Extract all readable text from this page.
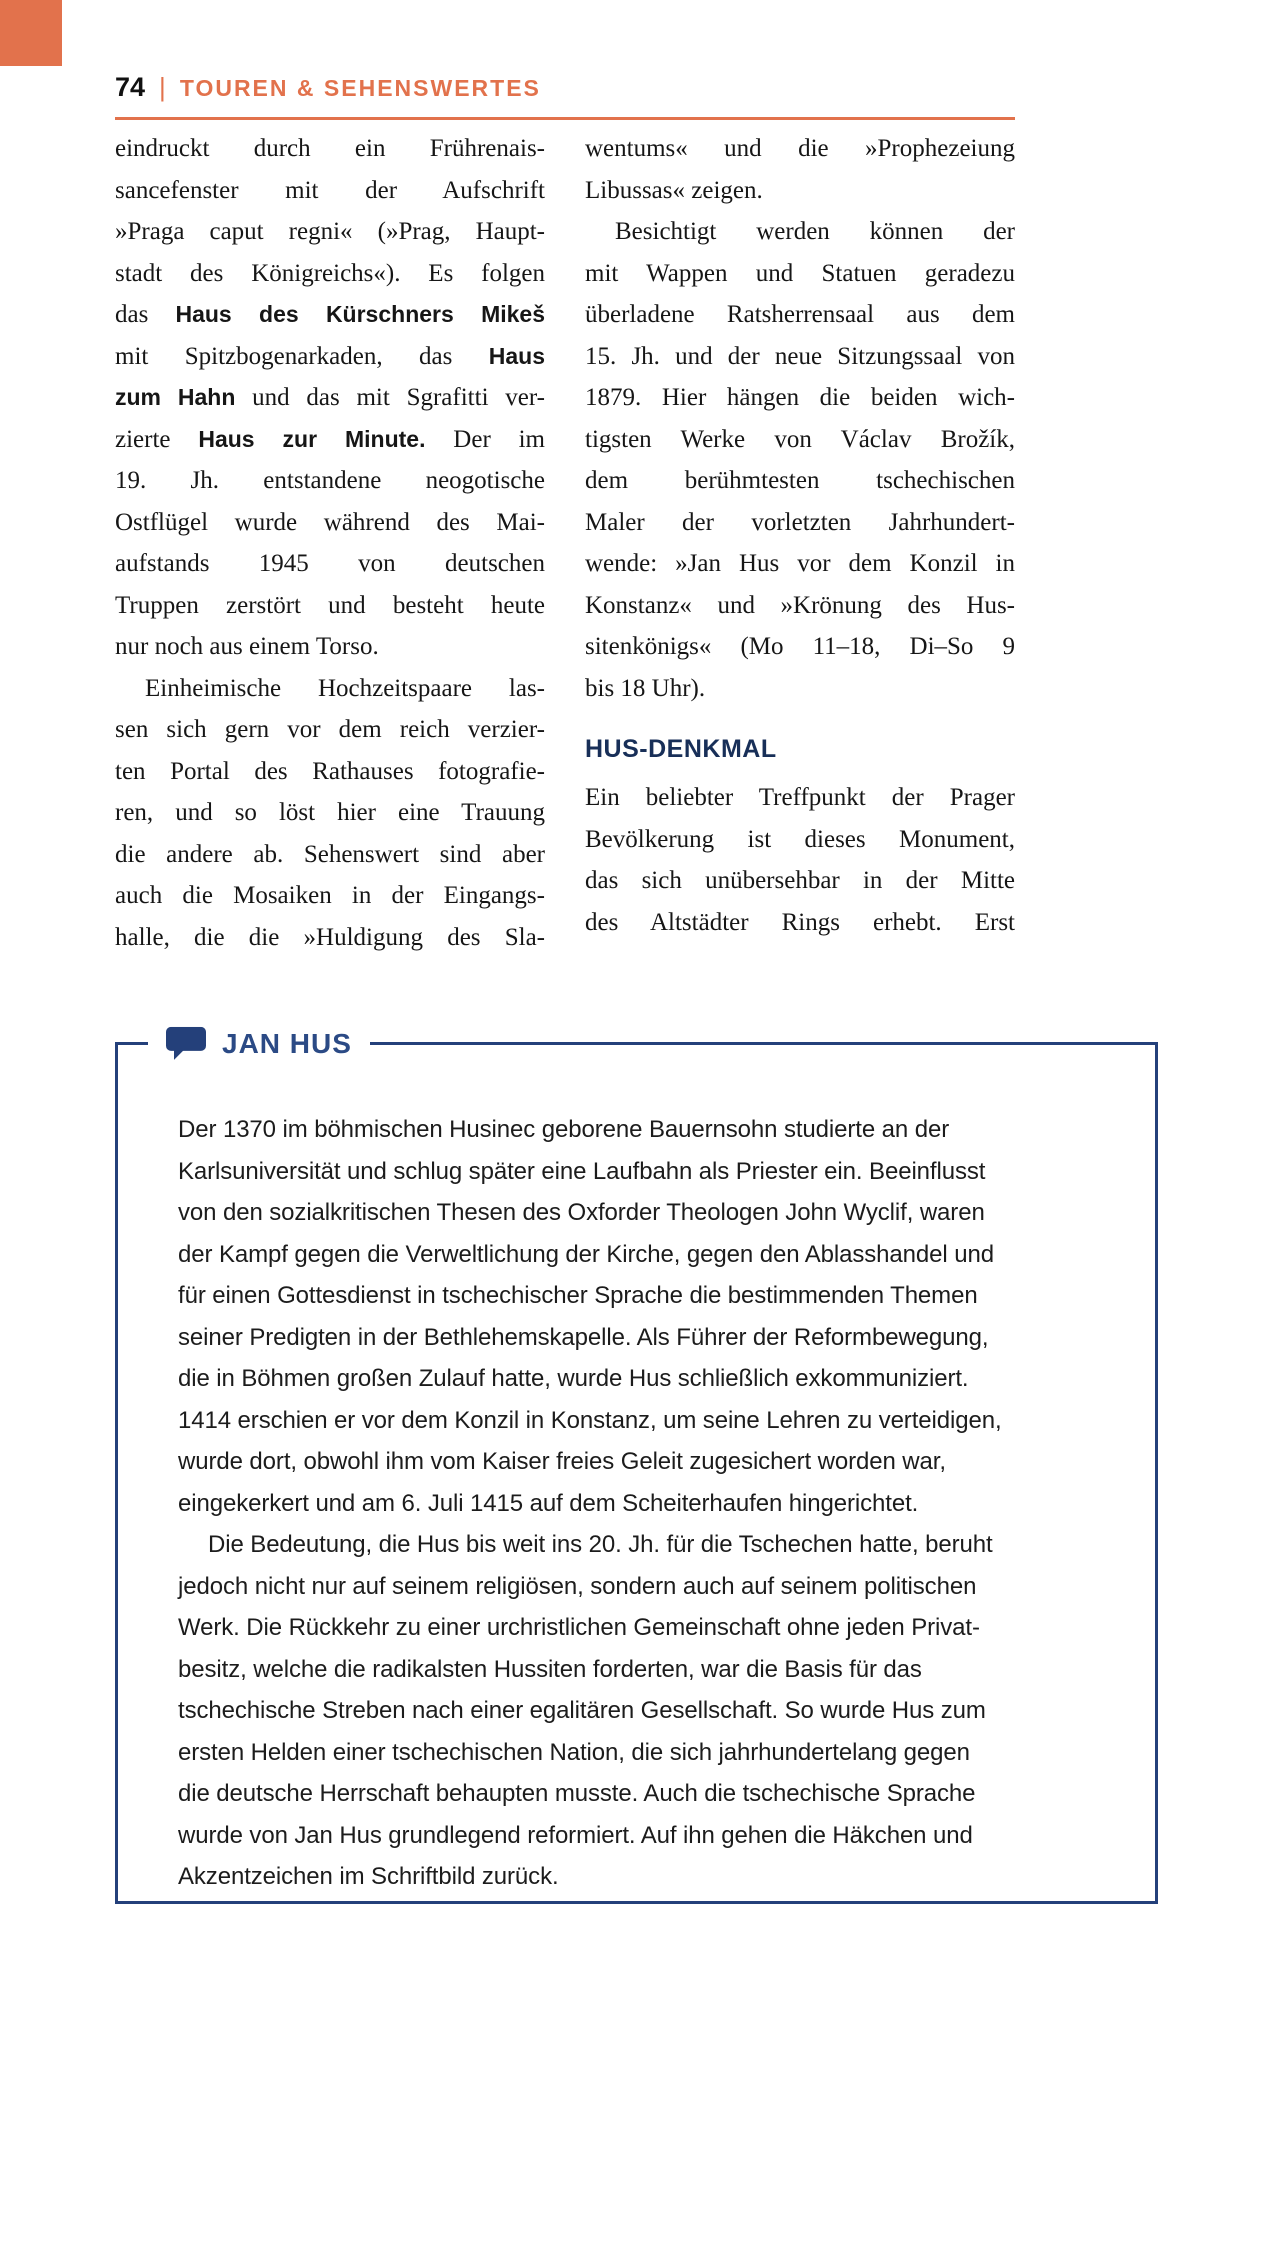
74 | TOUREN & SEHENSWERTES
eindruckt durch ein Frührenais-
sancefenster mit der Aufschrift
»Praga caput regni« (»Prag, Haupt-
stadt des Königreichs«). Es folgen
das Haus des Kürschners Mikeš
mit Spitzbogenarkaden, das Haus
zum Hahn und das mit Sgrafitti ver-
zierte Haus zur Minute. Der im
19. Jh. entstandene neogotische
Ostflügel wurde während des Mai-
aufstands 1945 von deutschen
Truppen zerstört und besteht heute
nur noch aus einem Torso.
Einheimische Hochzeitspaare las-
sen sich gern vor dem reich verzier-
ten Portal des Rathauses fotografie-
ren, und so löst hier eine Trauung
die andere ab. Sehenswert sind aber
auch die Mosaiken in der Eingangs-
halle, die die »Huldigung des Sla-
wentums« und die »Prophezeiung
Libussas« zeigen.
Besichtigt werden können der
mit Wappen und Statuen geradezu
überladene Ratsherrensaal aus dem
15. Jh. und der neue Sitzungssaal von
1879. Hier hängen die beiden wich-
tigsten Werke von Václav Brožík,
dem berühmtesten tschechischen
Maler der vorletzten Jahrhundert-
wende: »Jan Hus vor dem Konzil in
Konstanz« und »Krönung des Hus-
sitenkönigs« (Mo 11–18, Di–So 9
bis 18 Uhr).
HUS-DENKMAL
Ein beliebter Treffpunkt der Prager
Bevölkerung ist dieses Monument,
das sich unübersehbar in der Mitte
des Altstädter Rings erhebt. Erst
JAN HUS
Der 1370 im böhmischen Husinec geborene Bauernsohn studierte an der
Karlsuniversität und schlug später eine Laufbahn als Priester ein. Beeinflusst
von den sozialkritischen Thesen des Oxforder Theologen John Wyclif, waren
der Kampf gegen die Verweltlichung der Kirche, gegen den Ablasshandel und
für einen Gottesdienst in tschechischer Sprache die bestimmenden Themen
seiner Predigten in der Bethlehemskapelle. Als Führer der Reformbewegung,
die in Böhmen großen Zulauf hatte, wurde Hus schließlich exkommuniziert.
1414 erschien er vor dem Konzil in Konstanz, um seine Lehren zu verteidigen,
wurde dort, obwohl ihm vom Kaiser freies Geleit zugesichert worden war,
eingekerkert und am 6. Juli 1415 auf dem Scheiterhaufen hingerichtet.
Die Bedeutung, die Hus bis weit ins 20. Jh. für die Tschechen hatte, beruht
jedoch nicht nur auf seinem religiösen, sondern auch auf seinem politischen
Werk. Die Rückkehr zu einer urchristlichen Gemeinschaft ohne jeden Privat-
besitz, welche die radikalsten Hussiten forderten, war die Basis für das
tschechische Streben nach einer egalitären Gesellschaft. So wurde Hus zum
ersten Helden einer tschechischen Nation, die sich jahrhundertelang gegen
die deutsche Herrschaft behaupten musste. Auch die tschechische Sprache
wurde von Jan Hus grundlegend reformiert. Auf ihn gehen die Häkchen und
Akzentzeichen im Schriftbild zurück.
